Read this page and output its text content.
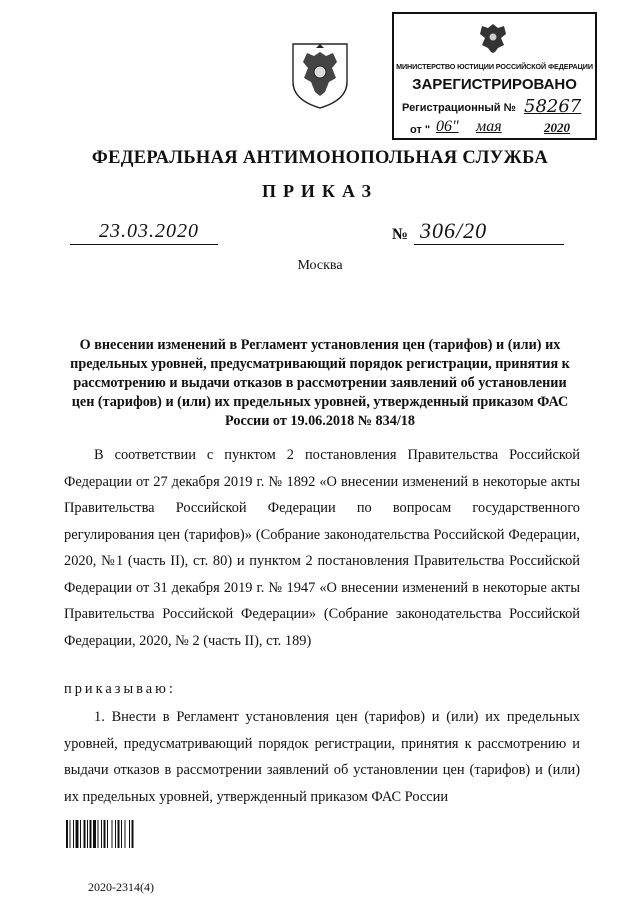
МИНИСТЕРСТВО ЮСТИЦИИ РОССИЙСКОЙ ФЕДЕРАЦИИ
ЗАРЕГИСТРИРОВАНО
Регистрационный № 58267
от " 06" мая	2020
ФЕДЕРАЛЬНАЯ АНТИМОНОПОЛЬНАЯ СЛУЖБА
ПРИКАЗ
23.03.2020	№ 306/20
Москва
О внесении изменений в Регламент установления цен (тарифов) и (или) их предельных уровней, предусматривающий порядок регистрации, принятия к рассмотрению и выдачи отказов в рассмотрении заявлений об установлении цен (тарифов) и (или) их предельных уровней, утвержденный приказом ФАС России от 19.06.2018 № 834/18
В соответствии с пунктом 2 постановления Правительства Российской Федерации от 27 декабря 2019 г. № 1892 «О внесении изменений в некоторые акты Правительства Российской Федерации по вопросам государственного регулирования цен (тарифов)» (Собрание законодательства Российской Федерации, 2020, №1 (часть II), ст. 80) и пунктом 2 постановления Правительства Российской Федерации от 31 декабря 2019 г. № 1947 «О внесении изменений в некоторые акты Правительства Российской Федерации» (Собрание законодательства Российской Федерации, 2020, № 2 (часть II), ст. 189)
приказываю:
1. Внести в Регламент установления цен (тарифов) и (или) их предельных уровней, предусматривающий порядок регистрации, принятия к рассмотрению и выдачи отказов в рассмотрении заявлений об установлении цен (тарифов) и (или) их предельных уровней, утвержденный приказом ФАС России
2020-2314(4)
